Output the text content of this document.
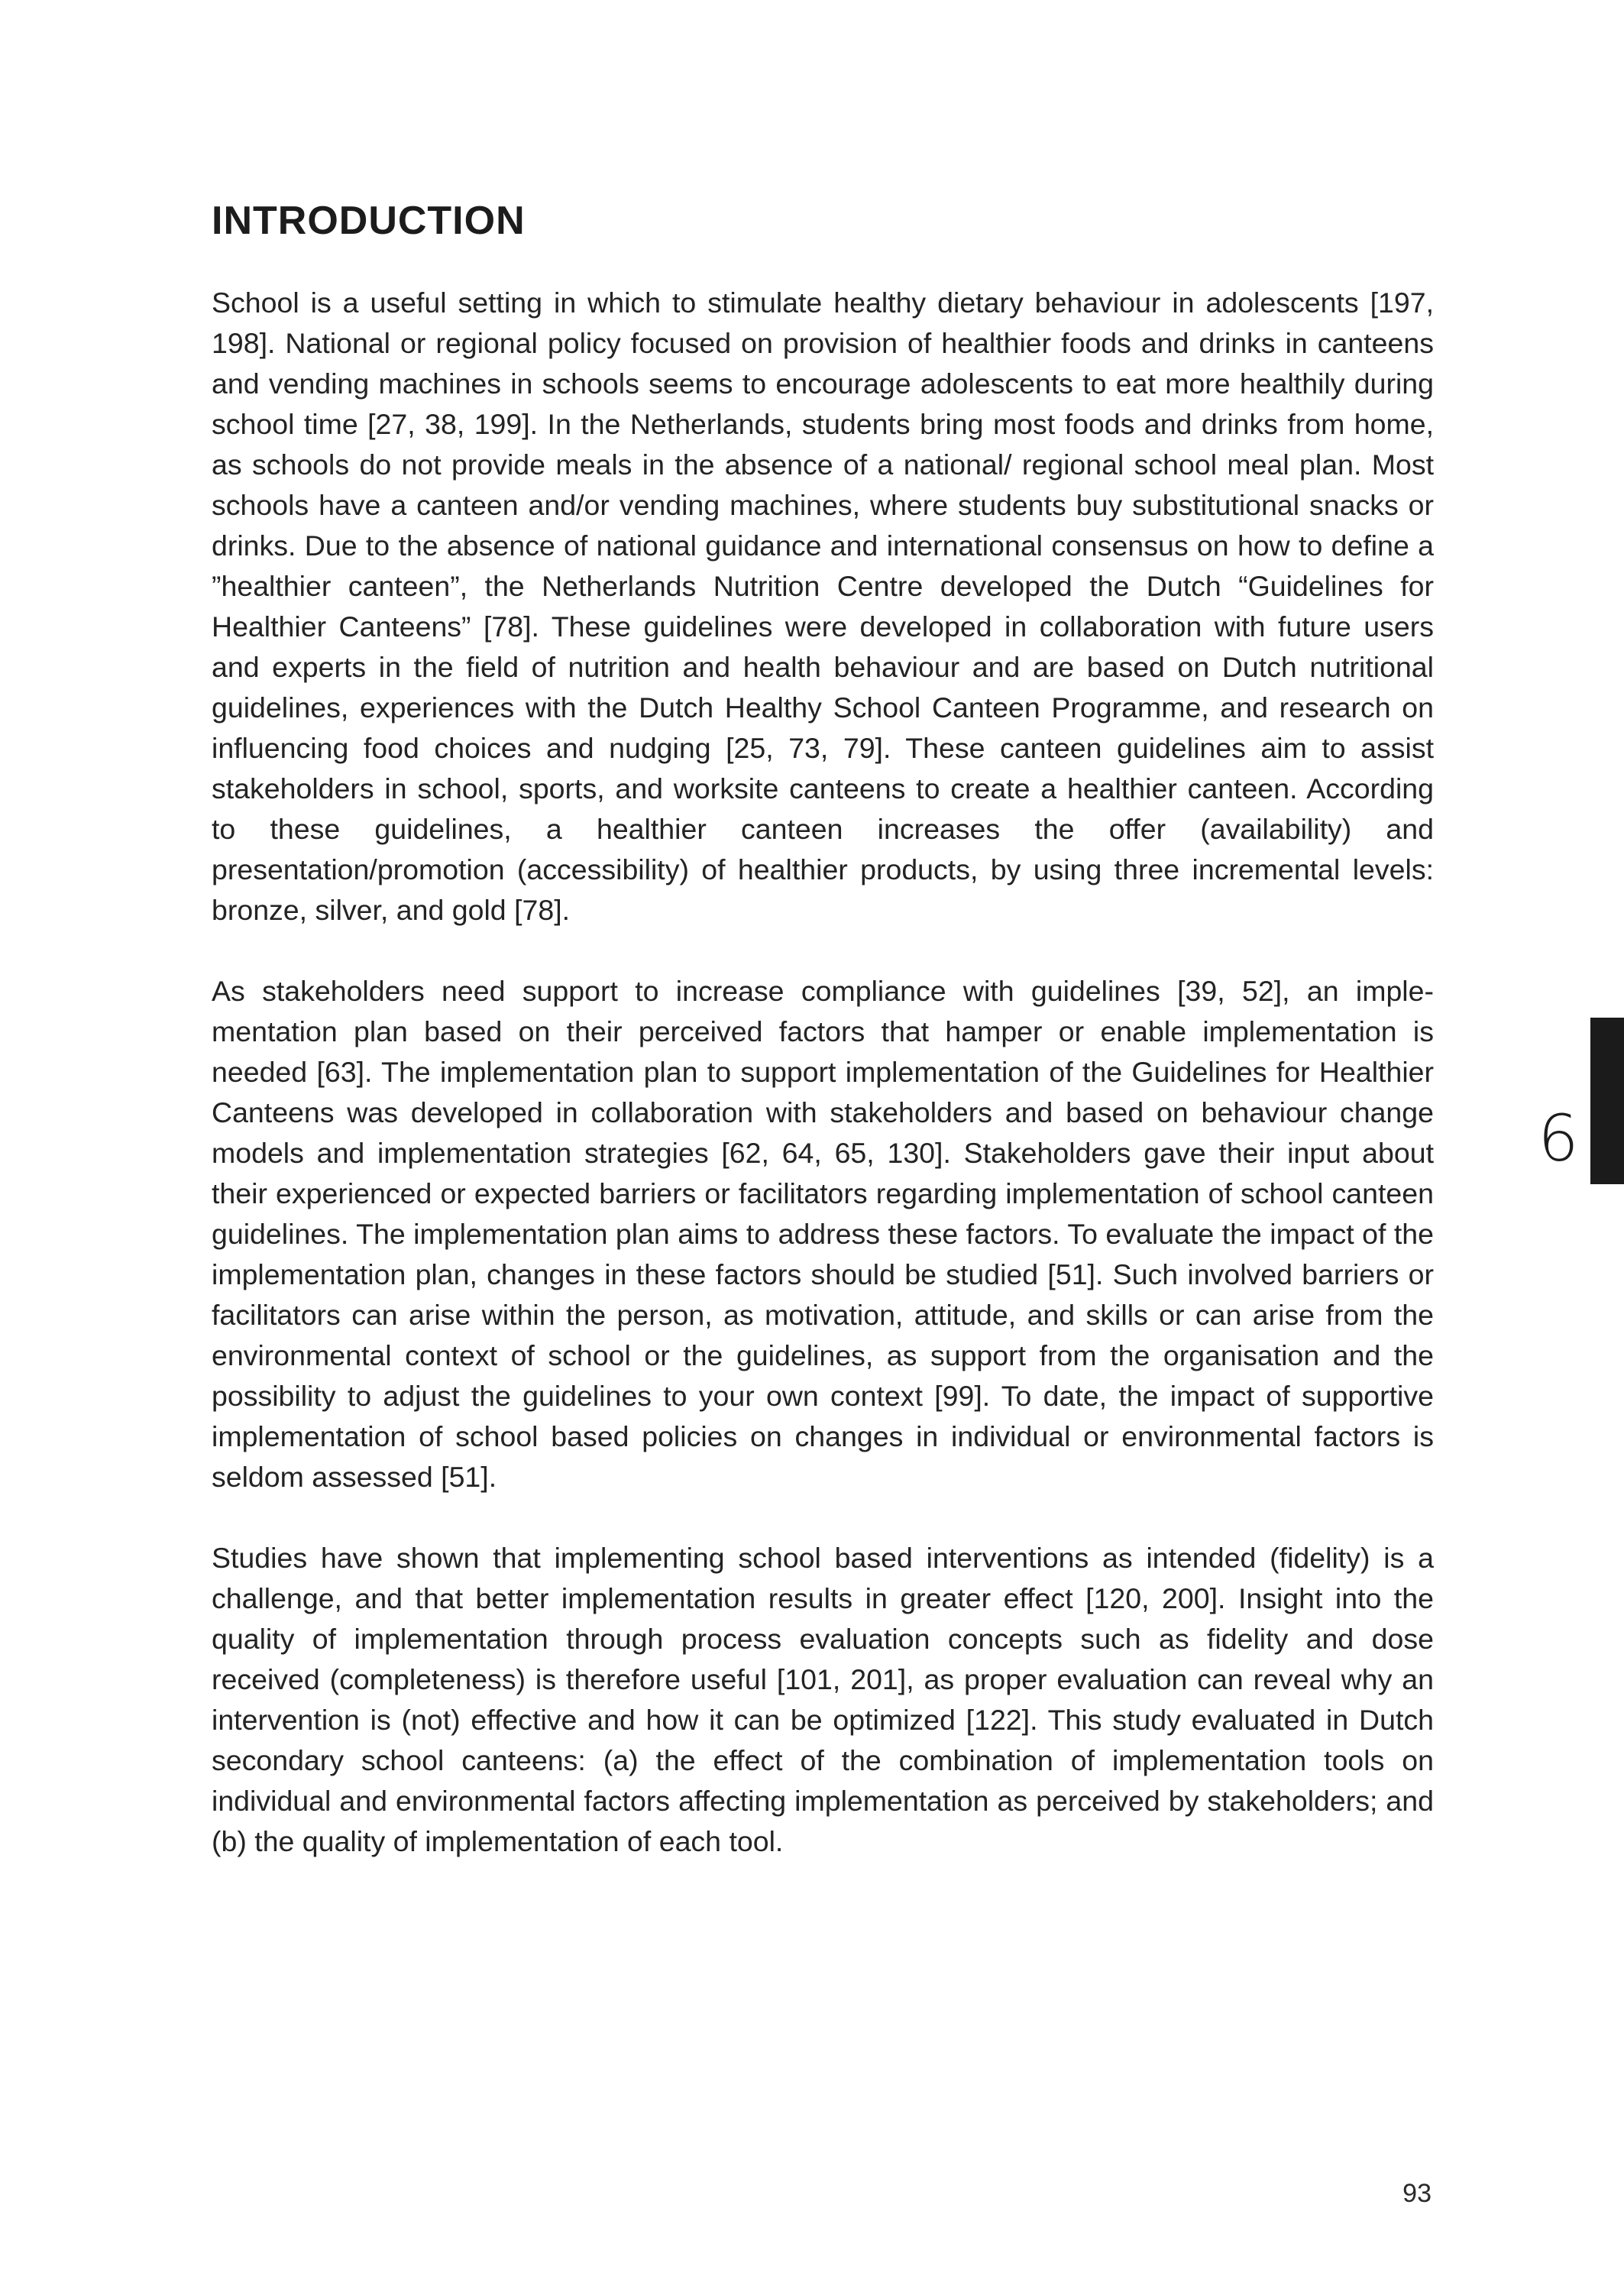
INTRODUCTION

School is a useful setting in which to stimulate healthy dietary behaviour in adolescents [197, 198]. National or regional policy focused on provision of healthier foods and drinks in canteens and vending machines in schools seems to encourage adolescents to eat more healthily during school time [27, 38, 199]. In the Netherlands, students bring most foods and drinks from home, as schools do not provide meals in the absence of a national/ regional school meal plan. Most schools have a canteen and/or vending machines, where students buy substitutional snacks or drinks. Due to the absence of national guidance and international consensus on how to define a ”healthier canteen”, the Netherlands Nutrition Centre developed the Dutch “Guidelines for Healthier Canteens” [78]. These guidelines were developed in collaboration with future users and experts in the field of nutrition and health behaviour and are based on Dutch nutritional guidelines, experiences with the Dutch Healthy School Canteen Programme, and research on influencing food choices and nudging [25, 73, 79]. These canteen guidelines aim to assist stakeholders in school, sports, and worksite canteens to create a healthier canteen. According to these guidelines, a healthier canteen increases the offer (availability) and presentation/promotion (accessibility) of healthier products, by using three incremental levels: bronze, silver, and gold [78].

As stakeholders need support to increase compliance with guidelines [39, 52], an imple-mentation plan based on their perceived factors that hamper or enable implementation is needed [63]. The implementation plan to support implementation of the Guidelines for Healthier Canteens was developed in collaboration with stakeholders and based on behaviour change models and implementation strategies [62, 64, 65, 130]. Stakeholders gave their input about their experienced or expected barriers or facilitators regarding implementation of school canteen guidelines. The implementation plan aims to address these factors. To evaluate the impact of the implementation plan, changes in these factors should be studied [51]. Such involved barriers or facilitators can arise within the person, as motivation, attitude, and skills or can arise from the environmental context of school or the guidelines, as support from the organisation and the possibility to adjust the guidelines to your own context [99]. To date, the impact of supportive implementation of school based policies on changes in individual or environmental factors is seldom assessed [51].

Studies have shown that implementing school based interventions as intended (fidelity) is a challenge, and that better implementation results in greater effect [120, 200]. Insight into the quality of implementation through process evaluation concepts such as fidelity and dose received (completeness) is therefore useful [101, 201], as proper evaluation can reveal why an intervention is (not) effective and how it can be optimized [122]. This study evaluated in Dutch secondary school canteens: (a) the effect of the combination of implementation tools on individual and environmental factors affecting implementation as perceived by stakeholders; and (b) the quality of implementation of each tool.

6
93
